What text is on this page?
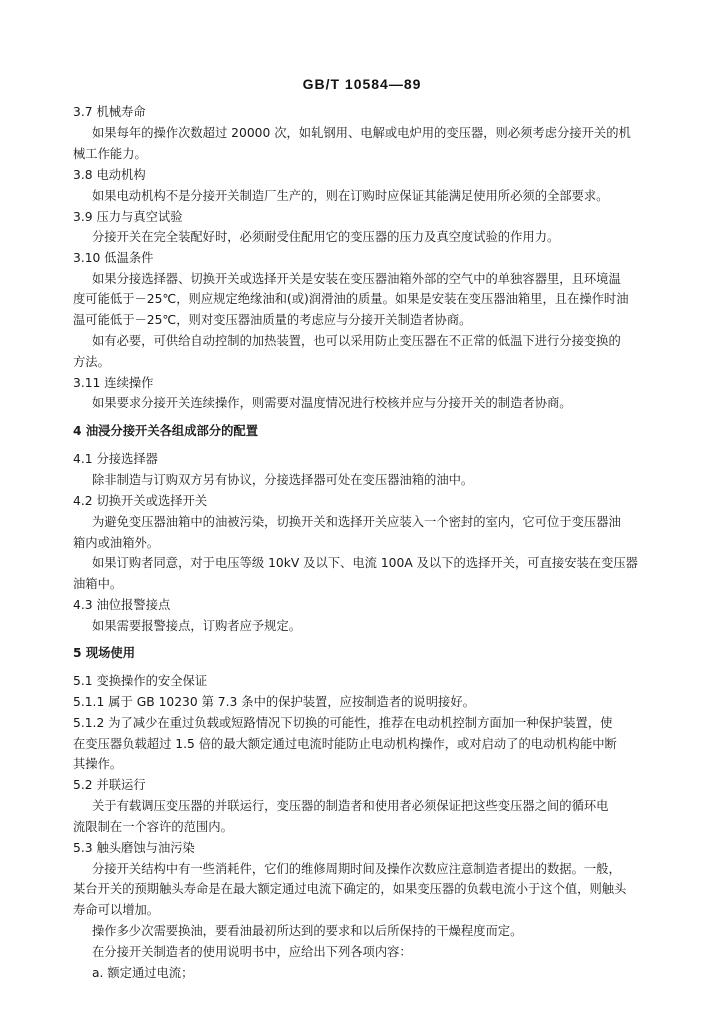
GB/T 10584—89
3.7 机械寿命
如果每年的操作次数超过 20000 次，如轧钢用、电解或电炉用的变压器，则必须考虑分接开关的机
械工作能力。
3.8 电动机构
如果电动机构不是分接开关制造厂生产的，则在订购时应保证其能满足使用所必须的全部要求。
3.9 压力与真空试验
分接开关在完全装配好时，必须耐受住配用它的变压器的压力及真空度试验的作用力。
3.10 低温条件
如果分接选择器、切换开关或选择开关是安装在变压器油箱外部的空气中的单独容器里，且环境温
度可能低于－25℃，则应规定绝缘油和(或)润滑油的质量。如果是安装在变压器油箱里，且在操作时油
温可能低于－25℃，则对变压器油质量的考虑应与分接开关制造者协商。
如有必要，可供给自动控制的加热装置，也可以采用防止变压器在不正常的低温下进行分接变换的
方法。
3.11 连续操作
如果要求分接开关连续操作，则需要对温度情况进行校核并应与分接开关的制造者协商。
4 油浸分接开关各组成部分的配置
4.1 分接选择器
除非制造与订购双方另有协议，分接选择器可处在变压器油箱的油中。
4.2 切换开关或选择开关
为避免变压器油箱中的油被污染，切换开关和选择开关应装入一个密封的室内，它可位于变压器油
箱内或油箱外。
如果订购者同意，对于电压等级 10kV 及以下、电流 100A 及以下的选择开关，可直接安装在变压器
油箱中。
4.3 油位报警接点
如果需要报警接点，订购者应予规定。
5 现场使用
5.1 变换操作的安全保证
5.1.1 属于 GB 10230 第 7.3 条中的保护装置，应按制造者的说明接好。
5.1.2 为了减少在重过负载或短路情况下切换的可能性，推荐在电动机控制方面加一种保护装置，使
在变压器负载超过 1.5 倍的最大额定通过电流时能防止电动机构操作，或对启动了的电动机构能中断
其操作。
5.2 并联运行
关于有载调压变压器的并联运行，变压器的制造者和使用者必须保证把这些变压器之间的循环电
流限制在一个容许的范围内。
5.3 触头磨蚀与油污染
分接开关结构中有一些消耗件，它们的维修周期时间及操作次数应注意制造者提出的数据。一般，
某台开关的预期触头寿命是在最大额定通过电流下确定的，如果变压器的负载电流小于这个值，则触头
寿命可以增加。
操作多少次需要换油，要看油最初所达到的要求和以后所保持的干燥程度而定。
在分接开关制造者的使用说明书中，应给出下列各项内容：
a. 额定通过电流；
